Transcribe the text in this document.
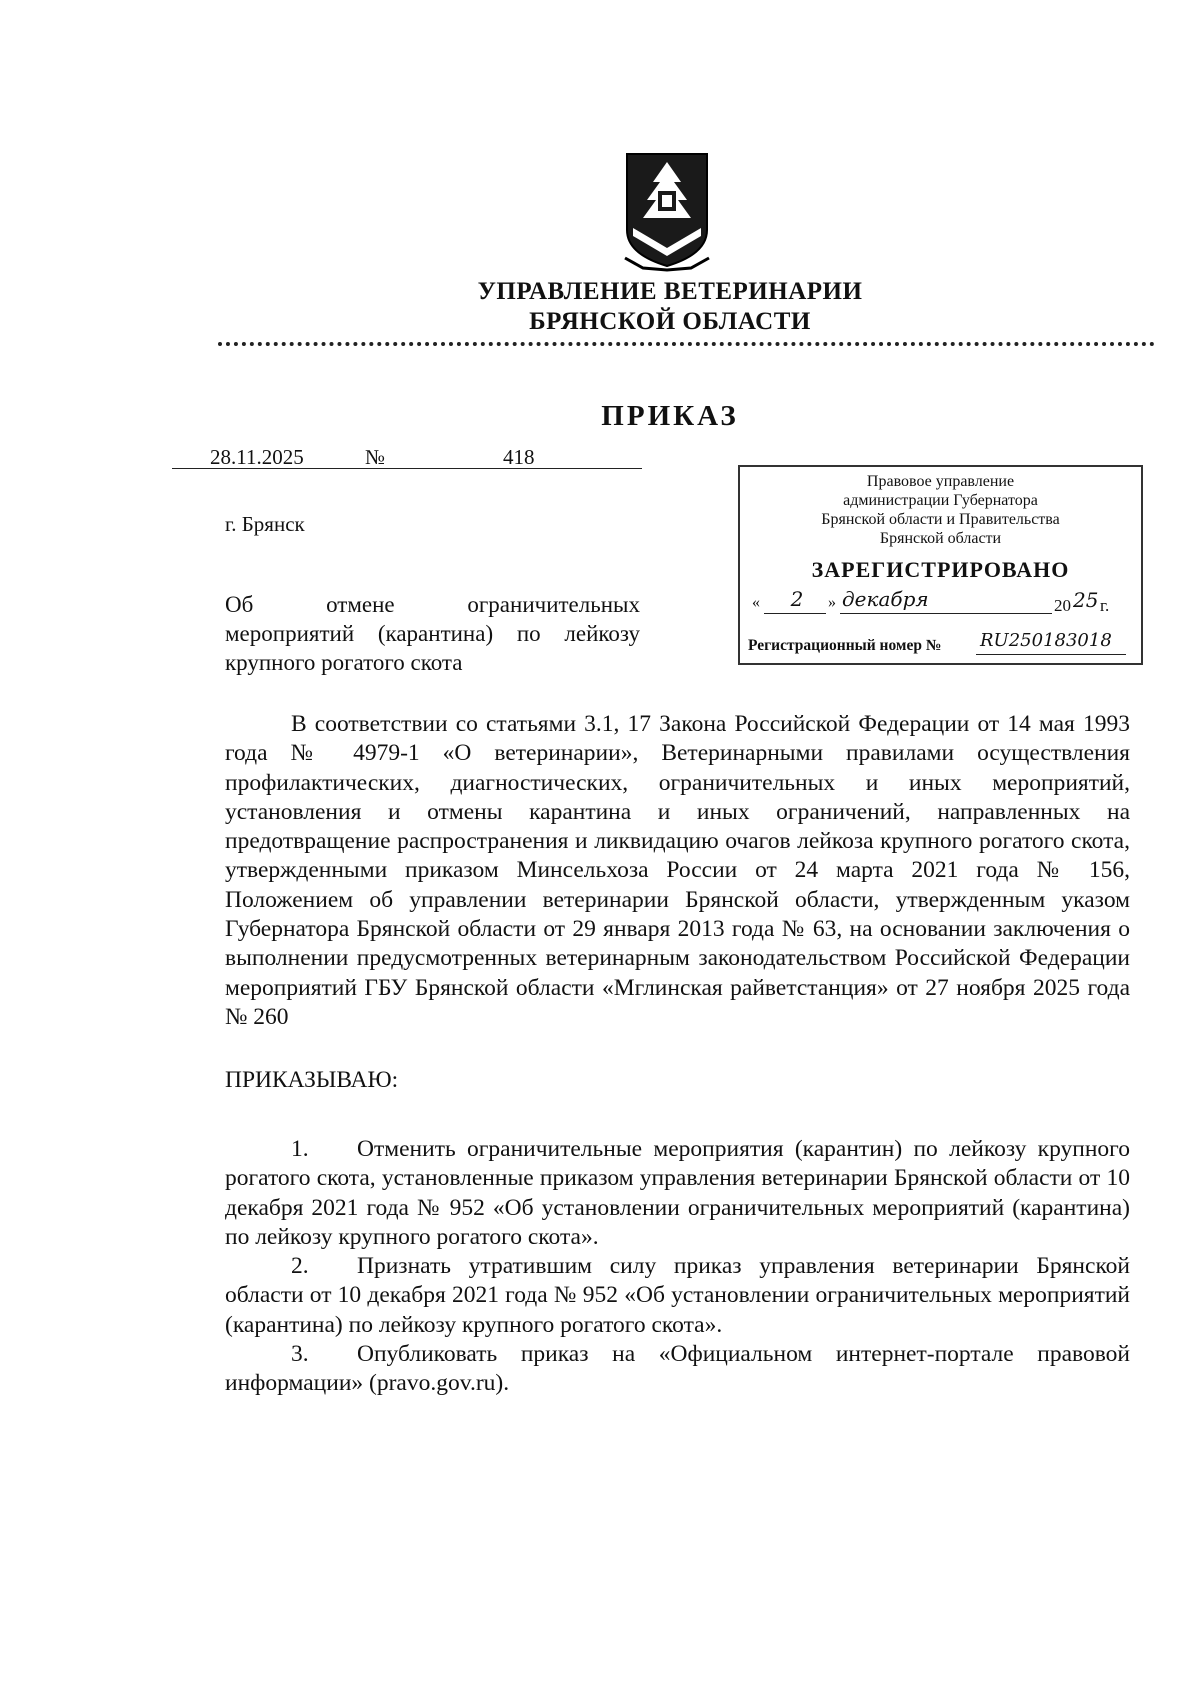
УПРАВЛЕНИЕ ВЕТЕРИНАРИИ
БРЯНСКОЙ ОБЛАСТИ
ПРИКАЗ
28.11.2025	№	418
г. Брянск
Правовое управление
администрации Губернатора
Брянской области и Правительства
Брянской области
ЗАРЕГИСТРИРОВАНО
«	2	» декабря	20 25 г.
Регистрационный номер № RU250183018
Об отмене ограничительных мероприятий (карантина) по лейкозу крупного рогатого скота
В соответствии со статьями 3.1, 17 Закона Российской Федерации от 14 мая 1993 года № 4979-1 «О ветеринарии», Ветеринарными правилами осуществления профилактических, диагностических, ограничительных и иных мероприятий, установления и отмены карантина и иных ограничений, направленных на предотвращение распространения и ликвидацию очагов лейкоза крупного рогатого скота, утвержденными приказом Минсельхоза России от 24 марта 2021 года № 156, Положением об управлении ветеринарии Брянской области, утвержденным указом Губернатора Брянской области от 29 января 2013 года № 63, на основании заключения о выполнении предусмотренных ветеринарным законодательством Российской Федерации мероприятий ГБУ Брянской области «Мглинская райветстанция» от 27 ноября 2025 года № 260
ПРИКАЗЫВАЮ:

1. Отменить ограничительные мероприятия (карантин) по лейкозу крупного рогатого скота, установленные приказом управления ветеринарии Брянской области от 10 декабря 2021 года № 952 «Об установлении ограничительных мероприятий (карантина) по лейкозу крупного рогатого скота».

2. Признать утратившим силу приказ управления ветеринарии Брянской области от 10 декабря 2021 года № 952 «Об установлении ограничительных мероприятий (карантина) по лейкозу крупного рогатого скота».

3. Опубликовать приказ на «Официальном интернет-портале правовой информации» (pravo.gov.ru).
